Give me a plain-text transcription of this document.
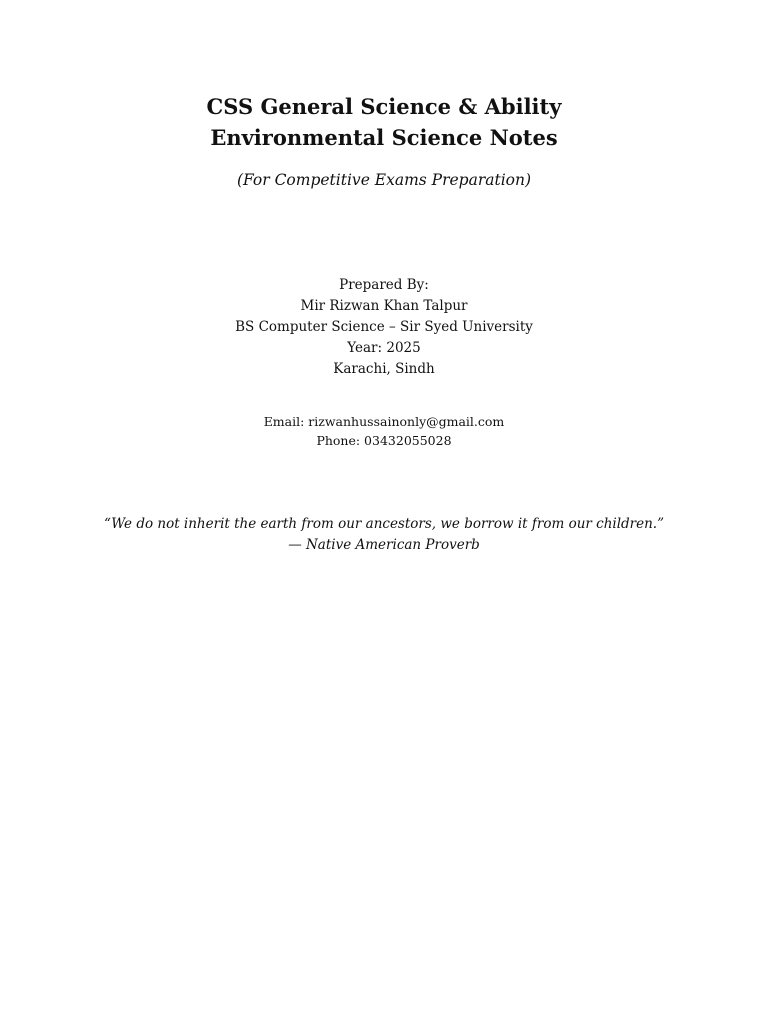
CSS General Science & Ability
Environmental Science Notes
(For Competitive Exams Preparation)
Prepared By:
Mir Rizwan Khan Talpur
BS Computer Science – Sir Syed University
Year: 2025
Karachi, Sindh
Email: rizwanhussainonly@gmail.com
Phone: 03432055028
“We do not inherit the earth from our ancestors, we borrow it from our children.”
— Native American Proverb
